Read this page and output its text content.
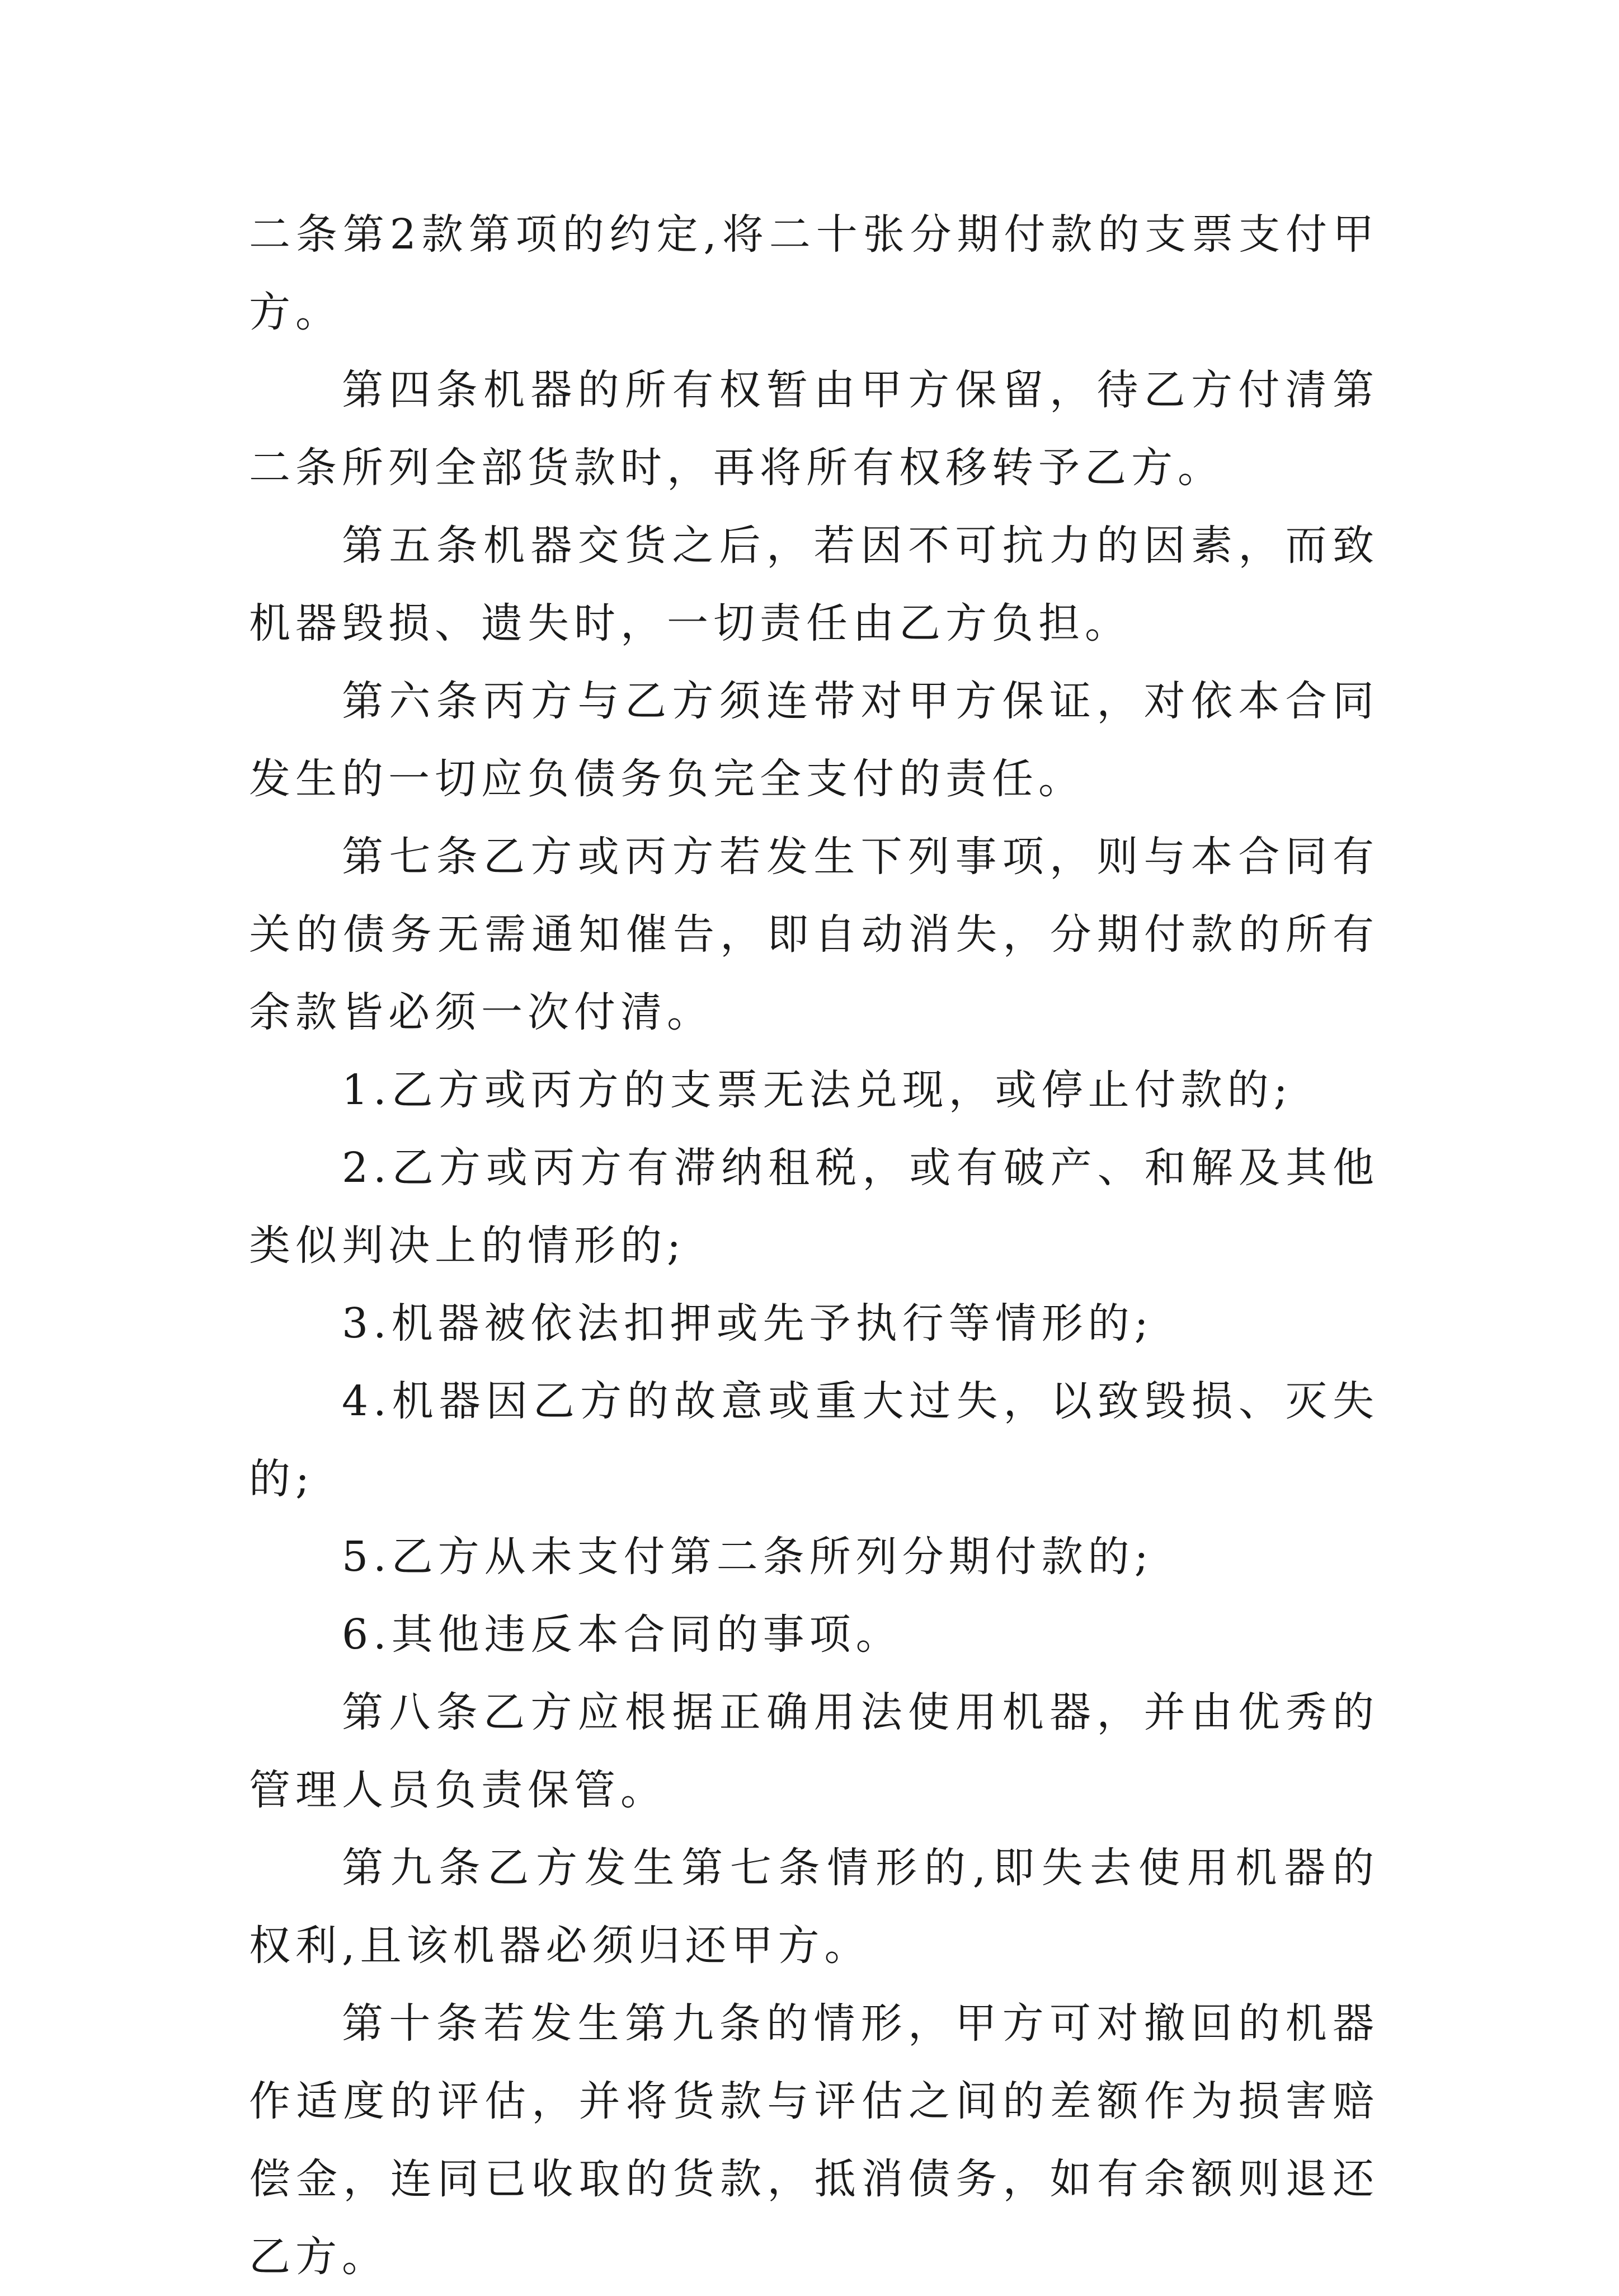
二条第2款第项的约定,将二十张分期付款的支票支付甲方。

第四条机器的所有权暂由甲方保留，待乙方付清第二条所列全部货款时，再将所有权移转予乙方。

第五条机器交货之后，若因不可抗力的因素，而致机器毁损、遗失时，一切责任由乙方负担。

第六条丙方与乙方须连带对甲方保证，对依本合同发生的一切应负债务负完全支付的责任。

第七条乙方或丙方若发生下列事项，则与本合同有关的债务无需通知催告，即自动消失，分期付款的所有余款皆必须一次付清。

1.乙方或丙方的支票无法兑现，或停止付款的;

2.乙方或丙方有滞纳租税，或有破产、和解及其他类似判决上的情形的;

3.机器被依法扣押或先予执行等情形的;

4.机器因乙方的故意或重大过失，以致毁损、灭失的;

5.乙方从未支付第二条所列分期付款的;

6.其他违反本合同的事项。

第八条乙方应根据正确用法使用机器，并由优秀的管理人员负责保管。

第九条乙方发生第七条情形的,即失去使用机器的权利,且该机器必须归还甲方。

第十条若发生第九条的情形，甲方可对撤回的机器作适度的评估，并将货款与评估之间的差额作为损害赔偿金，连同已收取的货款，抵消债务，如有余额则退还乙方。
